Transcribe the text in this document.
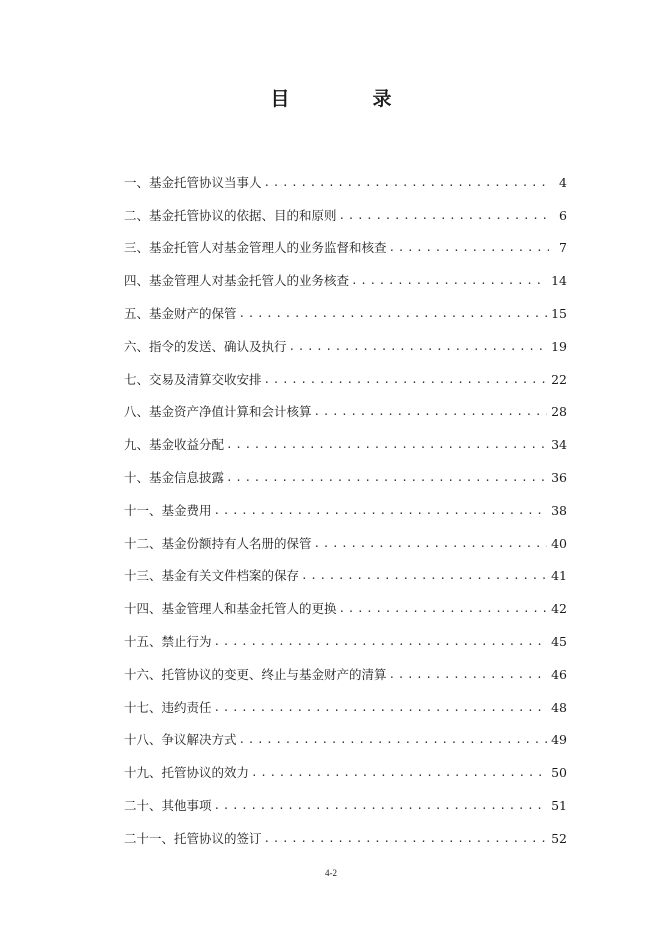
目　录
一、基金托管协议当事人 .....	4
二、基金托管协议的依据、目的和原则 .....	6
三、基金托管人对基金管理人的业务监督和核查 .....	7
四、基金管理人对基金托管人的业务核查 .....	14
五、基金财产的保管 .....	15
六、指令的发送、确认及执行 .....	19
七、交易及清算交收安排 .....	22
八、基金资产净值计算和会计核算 .....	28
九、基金收益分配 .....	34
十、基金信息披露 .....	36
十一、基金费用 .....	38
十二、基金份额持有人名册的保管 .....	40
十三、基金有关文件档案的保存 .....	41
十四、基金管理人和基金托管人的更换 .....	42
十五、禁止行为 .....	45
十六、托管协议的变更、终止与基金财产的清算 .....	46
十七、违约责任 .....	48
十八、争议解决方式 .....	49
十九、托管协议的效力 .....	50
二十、其他事项 .....	51
二十一、托管协议的签订 .....	52
4-2
